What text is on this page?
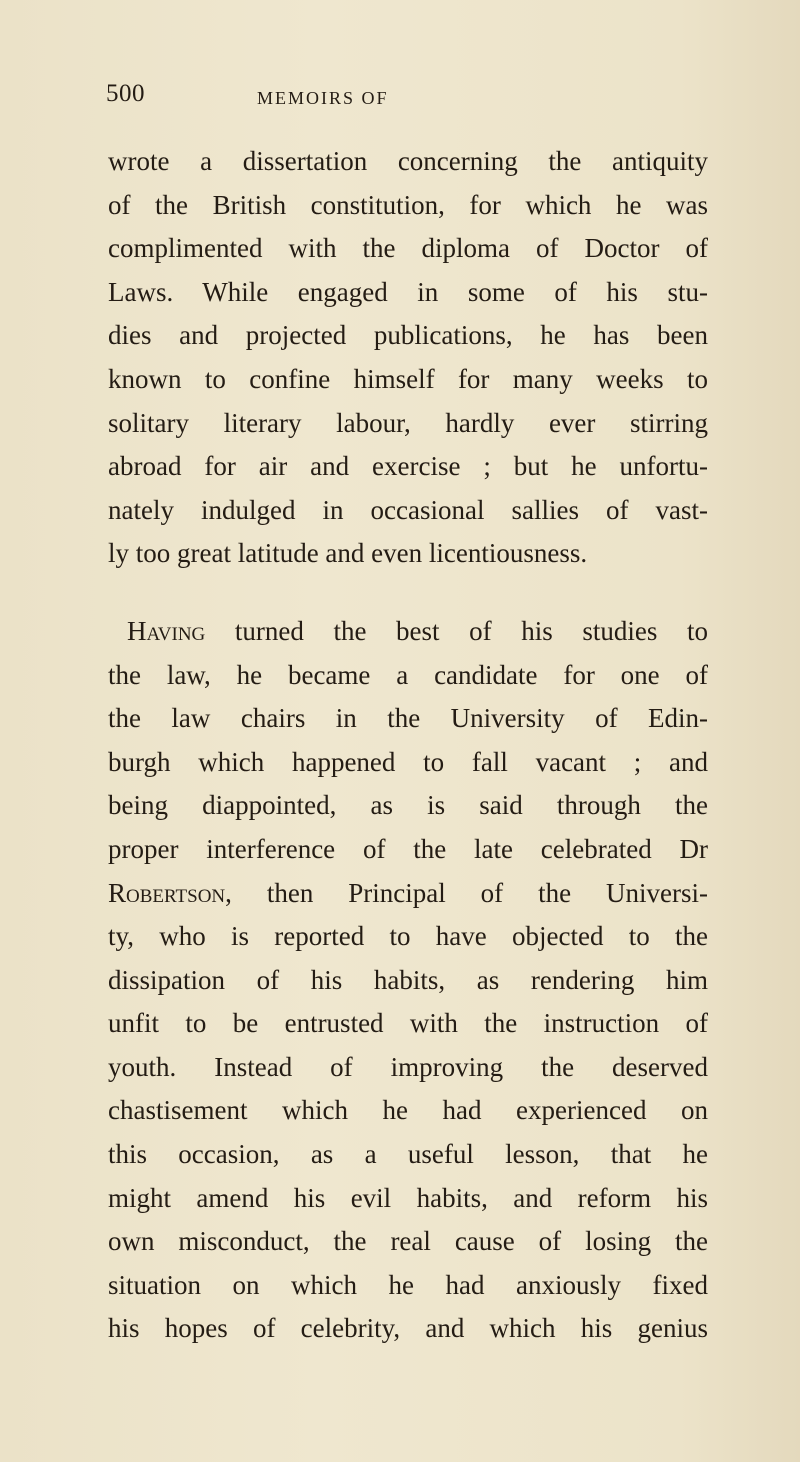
500	MEMOIRS OF
wrote a dissertation concerning the antiquity
of the British constitution, for which he was
complimented with the diploma of Doctor of
Laws. While engaged in some of his stu-
dies and projected publications, he has been
known to confine himself for many weeks to
solitary literary labour, hardly ever stirring
abroad for air and exercise ; but he unfortu-
nately indulged in occasional sallies of vast-
ly too great latitude and even licentiousness.
Having turned the best of his studies to
the law, he became a candidate for one of
the law chairs in the University of Edin-
burgh which happened to fall vacant ; and
being diappointed, as is said through the
proper interference of the late celebrated Dr
Robertson, then Principal of the Universi-
ty, who is reported to have objected to the
dissipation of his habits, as rendering him
unfit to be entrusted with the instruction of
youth. Instead of improving the deserved
chastisement which he had experienced on
this occasion, as a useful lesson, that he
might amend his evil habits, and reform his
own misconduct, the real cause of losing the
situation on which he had anxiously fixed
his hopes of celebrity, and which his genius
